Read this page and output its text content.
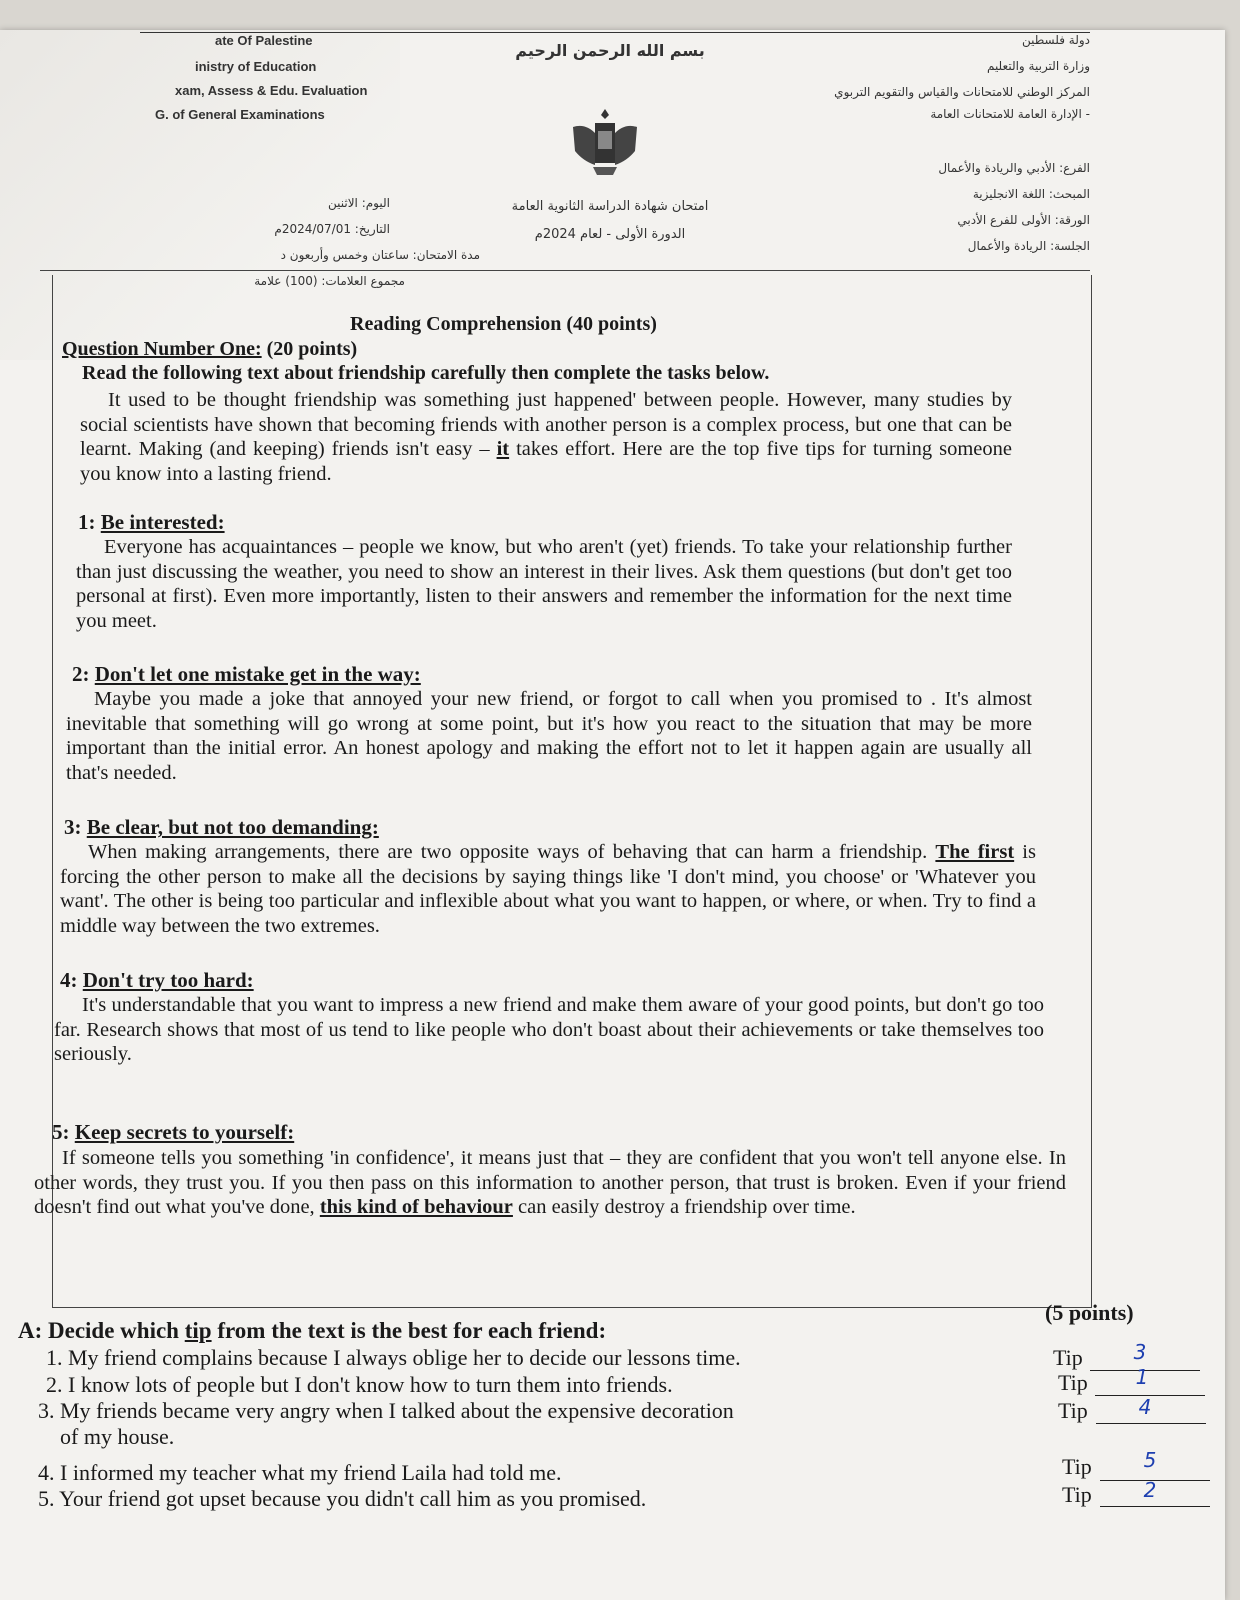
ate Of Palestine
inistry of Education
xam, Assess & Edu. Evaluation
G. of General Examinations
بسم الله الرحمن الرحيم
دولة فلسطين
وزارة التربية والتعليم
المركز الوطني للامتحانات والقياس والتقويم التربوي
- الإدارة العامة للامتحانات العامة
الفرع: الأدبي والريادة والأعمال
المبحث: اللغة الانجليزية
الورقة: الأولى للفرع الأدبي
الجلسة: الريادة والأعمال
اليوم: الاثنين
التاريخ: 2024/07/01م
مدة الامتحان: ساعتان وخمس وأربعون د
مجموع العلامات: (100) علامة
امتحان شهادة الدراسة الثانوية العامة
الدورة الأولى - لعام 2024م
Reading Comprehension (40 points)
Question Number One: (20 points)
Read the following text about friendship carefully then complete the tasks below.
It used to be thought friendship was something just happened' between people. However, many studies by social scientists have shown that becoming friends with another person is a complex process, but one that can be learnt. Making (and keeping) friends isn't easy – it takes effort. Here are the top five tips for turning someone you know into a lasting friend.
1: Be interested:
Everyone has acquaintances – people we know, but who aren't (yet) friends. To take your relationship further than just discussing the weather, you need to show an interest in their lives. Ask them questions (but don't get too personal at first). Even more importantly, listen to their answers and remember the information for the next time you meet.
2: Don't let one mistake get in the way:
Maybe you made a joke that annoyed your new friend, or forgot to call when you promised to . It's almost inevitable that something will go wrong at some point, but it's how you react to the situation that may be more important than the initial error. An honest apology and making the effort not to let it happen again are usually all that's needed.
3: Be clear, but not too demanding:
When making arrangements, there are two opposite ways of behaving that can harm a friendship. The first is forcing the other person to make all the decisions by saying things like 'I don't mind, you choose' or 'Whatever you want'. The other is being too particular and inflexible about what you want to happen, or where, or when. Try to find a middle way between the two extremes.
4: Don't try too hard:
It's understandable that you want to impress a new friend and make them aware of your good points, but don't go too far. Research shows that most of us tend to like people who don't boast about their achievements or take themselves too seriously.
5: Keep secrets to yourself:
If someone tells you something 'in confidence', it means just that – they are confident that you won't tell anyone else. In other words, they trust you. If you then pass on this information to another person, that trust is broken. Even if your friend doesn't find out what you've done, this kind of behaviour can easily destroy a friendship over time.
A: Decide which tip from the text is the best for each friend:
(5 points)
1. My friend complains because I always oblige her to decide our lessons time.	Tip	3
2. I know lots of people but I don't know how to turn them into friends.	Tip	1
3. My friends became very angry when I talked about the expensive decoration
of my house.
Tip	4
4. I informed my teacher what my friend Laila had told me.	Tip	5
5. Your friend got upset because you didn't call him as you promised.	Tip	2
